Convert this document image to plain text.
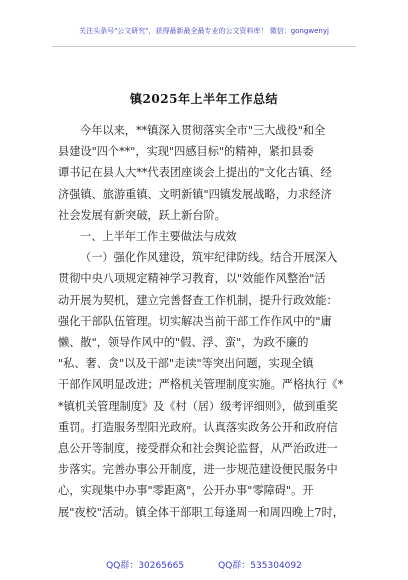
关注头条号"公文研究"，获得最新最全最专业的公文资料库！ 微信：gongwenyj
镇2025年上半年工作总结
今年以来，**镇深入贯彻落实全市"三大战役"和全
县建设"四个**"，实现"四感目标"的精神，紧扣县委
谭书记在县人大**代表团座谈会上提出的"文化古镇、经
济强镇、旅游重镇、文明新镇"四镇发展战略，力求经济
社会发展有新突破，跃上新台阶。
一、上半年工作主要做法与成效
（一）强化作风建设，筑牢纪律防线。结合开展深入
贯彻中央八项规定精神学习教育，以"效能作风整治"活
动开展为契机，建立完善督查工作机制，提升行政效能：
强化干部队伍管理。切实解决当前干部工作作风中的"庸
懒、散"，领导作风中的"假、浮、蛮"，为政不廉的
"私、奢、贪"以及干部"走读"等突出问题，实现全镇
干部作风明显改进；严格机关管理制度实施。严格执行《*
*镇机关管理制度》及《村（居）级考评细则》，做到重奖
重罚。打造服务型阳光政府。认真落实政务公开和政府信
息公开等制度，接受群众和社会舆论监督，从严治政进一
步落实。完善办事公开制度，进一步规范建设便民服务中
心，实现集中办事"零距离"，公开办事"零障碍"。开
展"夜校"活动。镇全体干部职工每逢周一和周四晚上7时，
QQ群：30265665	QQ群：535304092
